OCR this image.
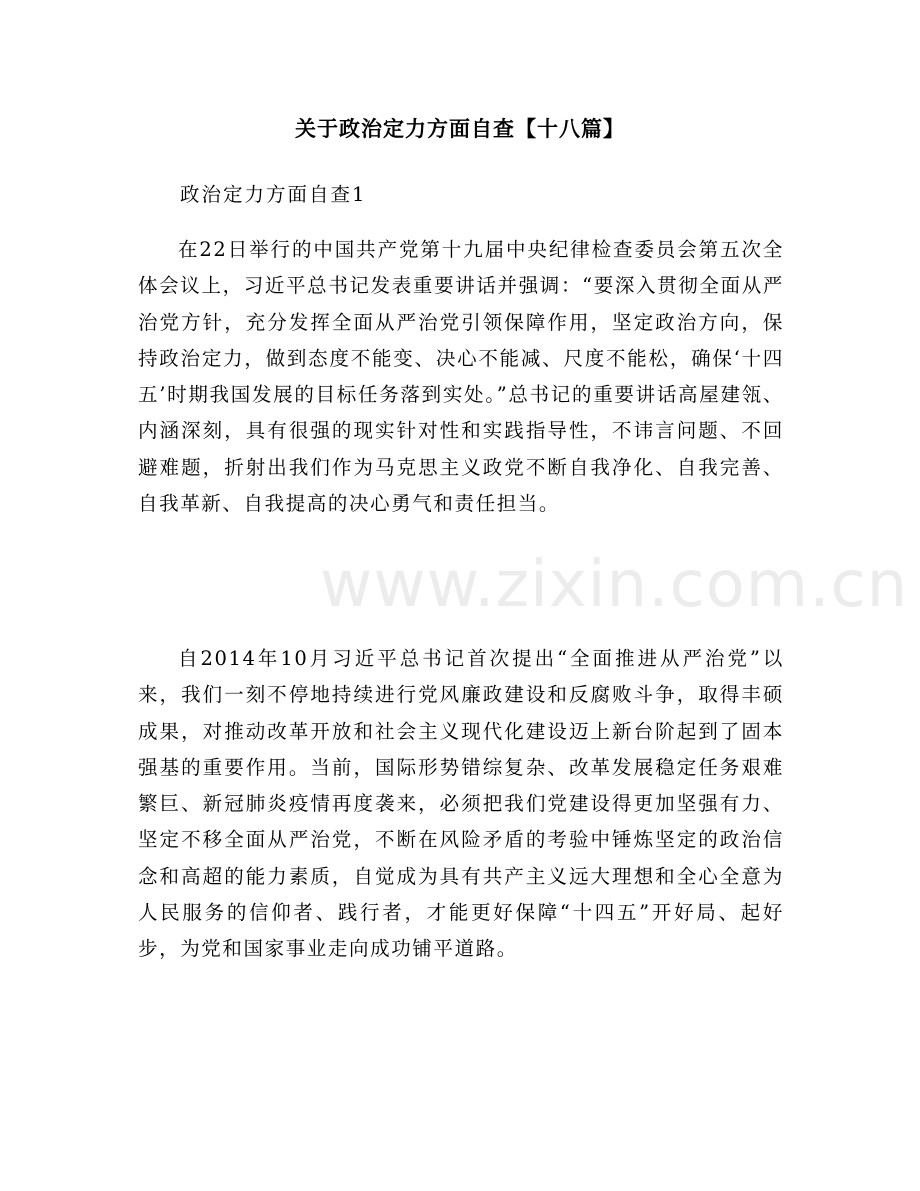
关于政治定力方面自查【十八篇】
政治定力方面自查1

在22日举行的中国共产党第十九届中央纪律检查委员会第五次全体会议上，习近平总书记发表重要讲话并强调：“要深入贯彻全面从严治党方针，充分发挥全面从严治党引领保障作用，坚定政治方向，保持政治定力，做到态度不能变、决心不能减、尺度不能松，确保‘十四五’时期我国发展的目标任务落到实处。”总书记的重要讲话高屋建瓴、内涵深刻，具有很强的现实针对性和实践指导性，不讳言问题、不回避难题，折射出我们作为马克思主义政党不断自我净化、自我完善、自我革新、自我提高的决心勇气和责任担当。

自2014年10月习近平总书记首次提出“全面推进从严治党”以来，我们一刻不停地持续进行党风廉政建设和反腐败斗争，取得丰硕成果，对推动改革开放和社会主义现代化建设迈上新台阶起到了固本强基的重要作用。当前，国际形势错综复杂、改革发展稳定任务艰难繁巨、新冠肺炎疫情再度袭来，必须把我们党建设得更加坚强有力、坚定不移全面从严治党，不断在风险矛盾的考验中锤炼坚定的政治信念和高超的能力素质，自觉成为具有共产主义远大理想和全心全意为人民服务的信仰者、践行者，才能更好保障“十四五”开好局、起好步，为党和国家事业走向成功铺平道路。

www.zixin.com.cn
